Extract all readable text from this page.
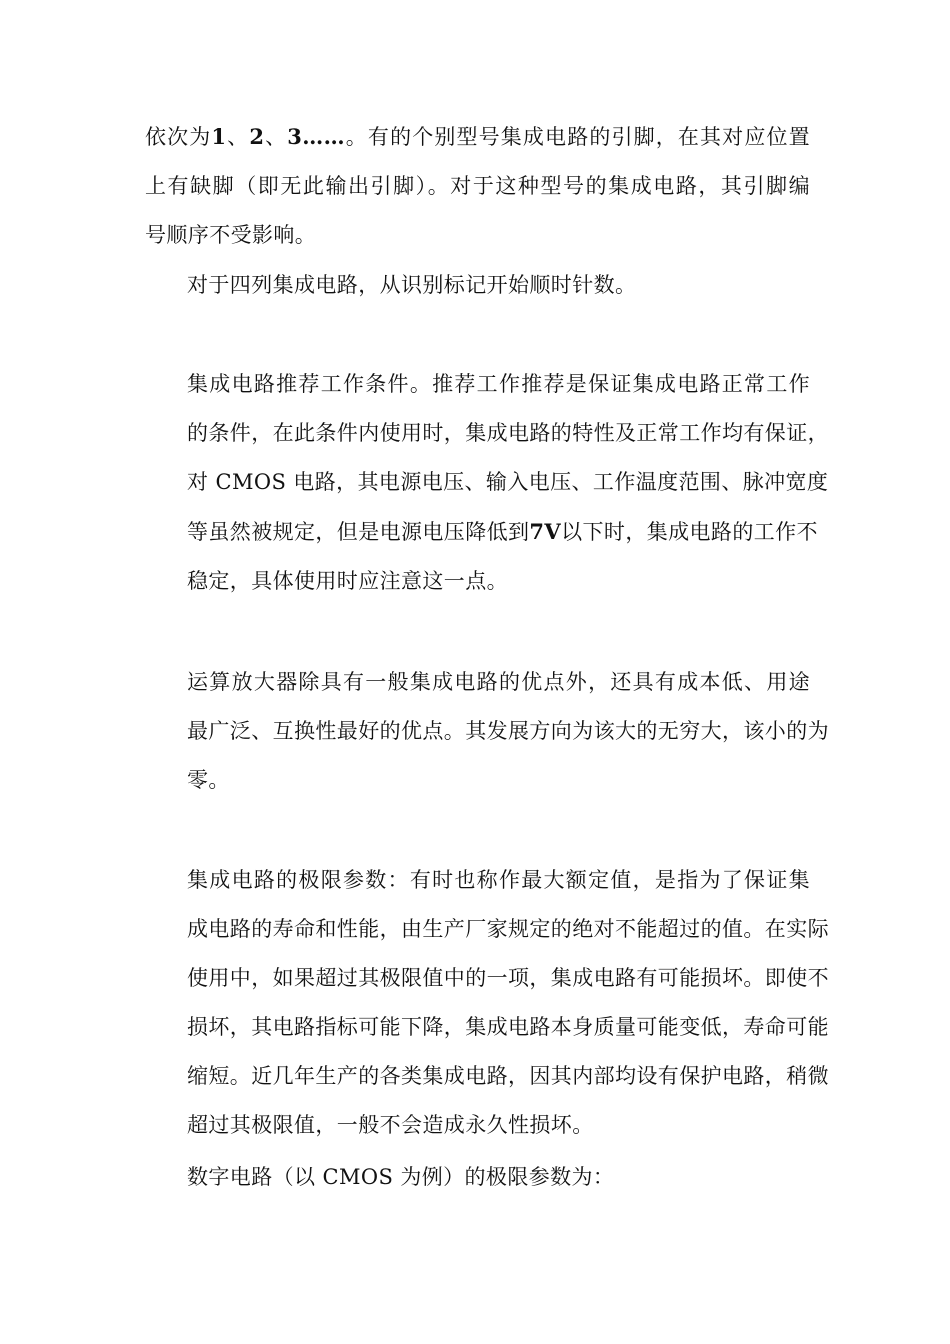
依次为1、2、3……。有的个别型号集成电路的引脚，在其对应位置
上有缺脚（即无此输出引脚）。对于这种型号的集成电路，其引脚编
号顺序不受影响。
对于四列集成电路，从识别标记开始顺时针数。
集成电路推荐工作条件。推荐工作推荐是保证集成电路正常工作
的条件，在此条件内使用时，集成电路的特性及正常工作均有保证，
对 CMOS 电路，其电源电压、输入电压、工作温度范围、脉冲宽度
等虽然被规定，但是电源电压降低到7V以下时，集成电路的工作不
稳定，具体使用时应注意这一点。
运算放大器除具有一般集成电路的优点外，还具有成本低、用途
最广泛、互换性最好的优点。其发展方向为该大的无穷大，该小的为
零。
集成电路的极限参数：有时也称作最大额定值，是指为了保证集
成电路的寿命和性能，由生产厂家规定的绝对不能超过的值。在实际
使用中，如果超过其极限值中的一项，集成电路有可能损坏。即使不
损坏，其电路指标可能下降，集成电路本身质量可能变低，寿命可能
缩短。近几年生产的各类集成电路，因其内部均设有保护电路，稍微
超过其极限值，一般不会造成永久性损坏。
数字电路（以 CMOS 为例）的极限参数为：
